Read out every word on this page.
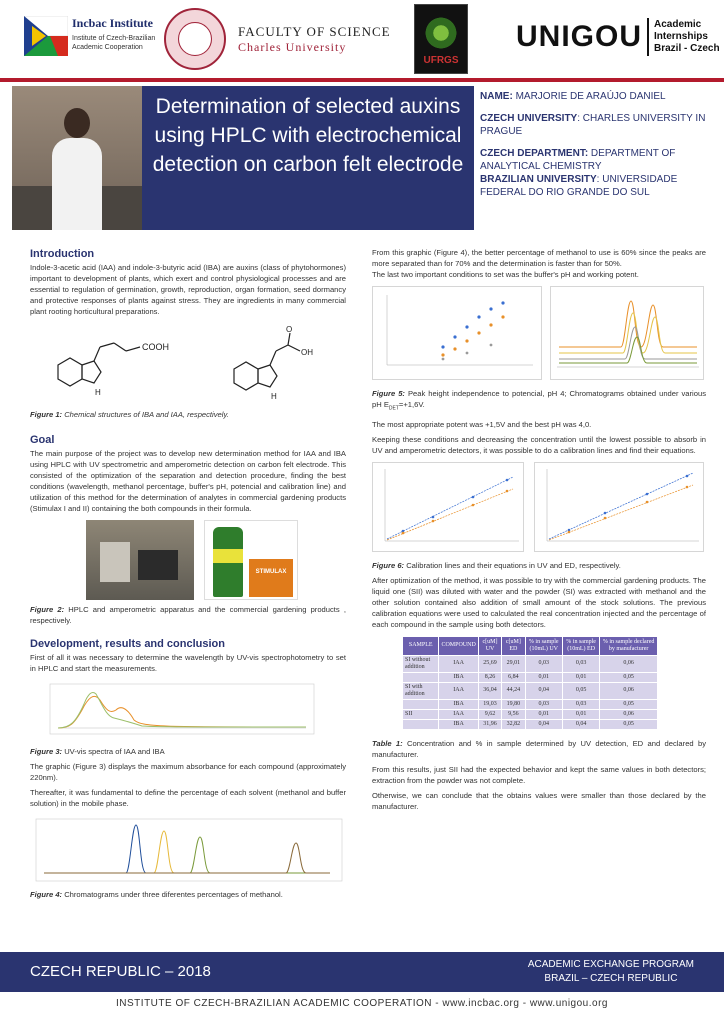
Incbac Institute
Institute of Czech-Brazilian
Academic Cooperation
FACULTY OF SCIENCE
Charles University
UFRGS
UNIGOU Academic
Internships
Brazil - Czech
Determination of selected auxins using HPLC with electrochemical detection on carbon felt electrode

NAME: MARJORIE DE ARAÚJO DANIEL

CZECH UNIVERSITY: CHARLES UNIVERSITY IN PRAGUE

CZECH DEPARTMENT: DEPARTMENT OF ANALYTICAL CHEMISTRY

BRAZILIAN UNIVERSITY: UNIVERSIDADE FEDERAL DO RIO GRANDE DO SUL

Introduction
Indole-3-acetic acid (IAA) and indole-3-butyric acid (IBA) are auxins (class of phytohormones) important to development of plants, which exert and control physiological processes and are essential to regulation of germination, growth, reproduction, organ formation, seed dormancy and protective responses of plants against stress. They are ingredients in many commercial plant rooting horticultural preparations.
COOH
H
O
OH
H
Figure 1: Chemical structures of IBA and IAA, respectively.
Goal
The main purpose of the project was to develop new determination method for IAA and IBA using HPLC with UV spectrometric and amperometric detection on carbon felt electrode. This consisted of the optimization of the separation and detection procedure, finding the best conditions (wavelength, methanol percentage, buffer's pH, potencial and calibration line) and utilization of this method for the determination of analytes in commercial gardening products (Stimulax I and II) containing the both compounds in their formula.
STIMULAX
Figure 2: HPLC and amperometric apparatus and the commercial gardening products , respectively.
Development, results and conclusion
First of all it was necessary to determine the wavelength by UV-vis spectrophotometry to set in HPLC and start the measurements.
Figure 3: UV-vis spectra of IAA and IBA
The graphic (Figure 3) displays the maximum absorbance for each compound (approximately 220nm).
Thereafter, it was fundamental to define the percentage of each solvent (methanol and buffer solution) in the mobile phase.
Figure 4: Chromatograms under three diferentes percentages of methanol.
From this graphic (Figure 4), the better percentage of methanol to use is 60% since the peaks are more separated than for 70% and the determination is faster than for 50%.
The last two important conditions to set was the buffer's pH and working potent.
Figure 5: Peak height independence to potencial, pH 4; Chromatograms obtained under various pH $E_{DET}=+1,6V$.
The most appropriate potent was +1,5V and the best pH was 4,0.
Keeping these conditions and decreasing the concentration until the lowest possible to absorb in UV and amperometric detectors, it was possible to do a calibration lines and find their equations.
Figure 6: Calibration lines and their equations in UV and ED, respectively.
After optimization of the method, it was possible to try with the commercial gardening products. The liquid one (SII) was diluted with water and the powder (SI) was extracted with methanol and the other solution contained also addition of small amount of the stock solutions. The previous calibration equations were used to calculated the real concentration injected and the percentage of each compound in the sample using both detectors.
SAMPLE	COMPOUND	c[uM] UV	c[uM] ED	% in sample (10mL) UV	% in sample (10mL) ED	% in sample declared by manufacturer
SI without addition	IAA	25,69	29,01	0,03	0,03	0,06
	IBA	8,26	6,84	0,01	0,01	0,05
SI with addition	IAA	36,04	44,24	0,04	0,05	0,06
	IBA	19,03	19,80	0,03	0,03	0,05
SII	IAA	9,62	9,56	0,01	0,01	0,06
	IBA	31,96	32,82	0,04	0,04	0,05
Table 1: Concentration and % in sample determined by UV detection, ED and declared by manufacturer.
From this results, just SII had the expected behavior and kept the same values in both detectors; extraction from the powder was not complete.
Otherwise, we can conclude that the obtains values were smaller than those declared by the manufacturer.
CZECH REPUBLIC – 2018	ACADEMIC EXCHANGE PROGRAM
BRAZIL – CZECH REPUBLIC
INSTITUTE OF CZECH-BRAZILIAN ACADEMIC COOPERATION - www.incbac.org - www.unigou.org
